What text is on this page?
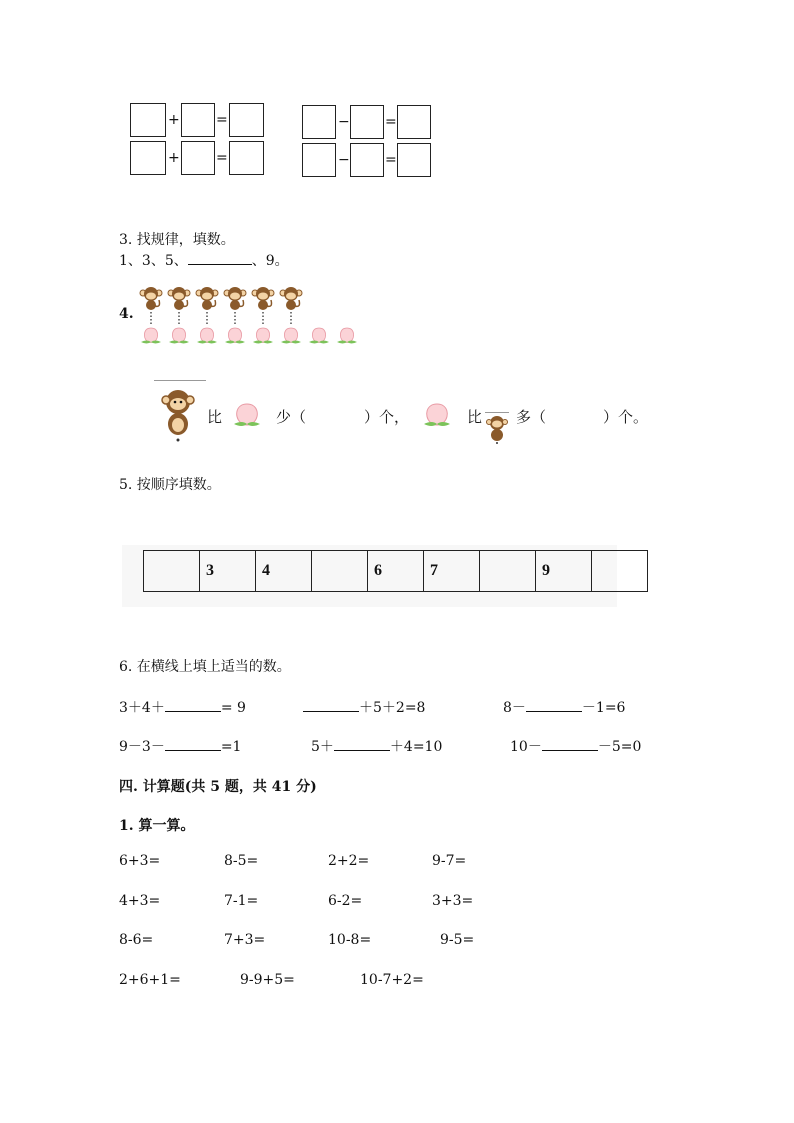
+	=
+	=
−	=
−	=
3. 找规律，填数。
1、3、5、	、9。
4.
比	少（	）个，	比 多（	）个。
5. 按顺序填数。
	3	4		6	7		9	
6. 在横线上填上适当的数。
3＋4＋	= 9	＋5＋2=8	8－	－1=6
9－3－	=1	5＋	＋4=10	10－	－5=0
四. 计算题(共 5 题，共 41 分)
1. 算一算。
6+3=	8-5=	2+2=	9-7=
4+3=	7-1=	6-2=	3+3=
8-6=	7+3=	10-8=	9-5=
2+6+1=	9-9+5=	10-7+2=
